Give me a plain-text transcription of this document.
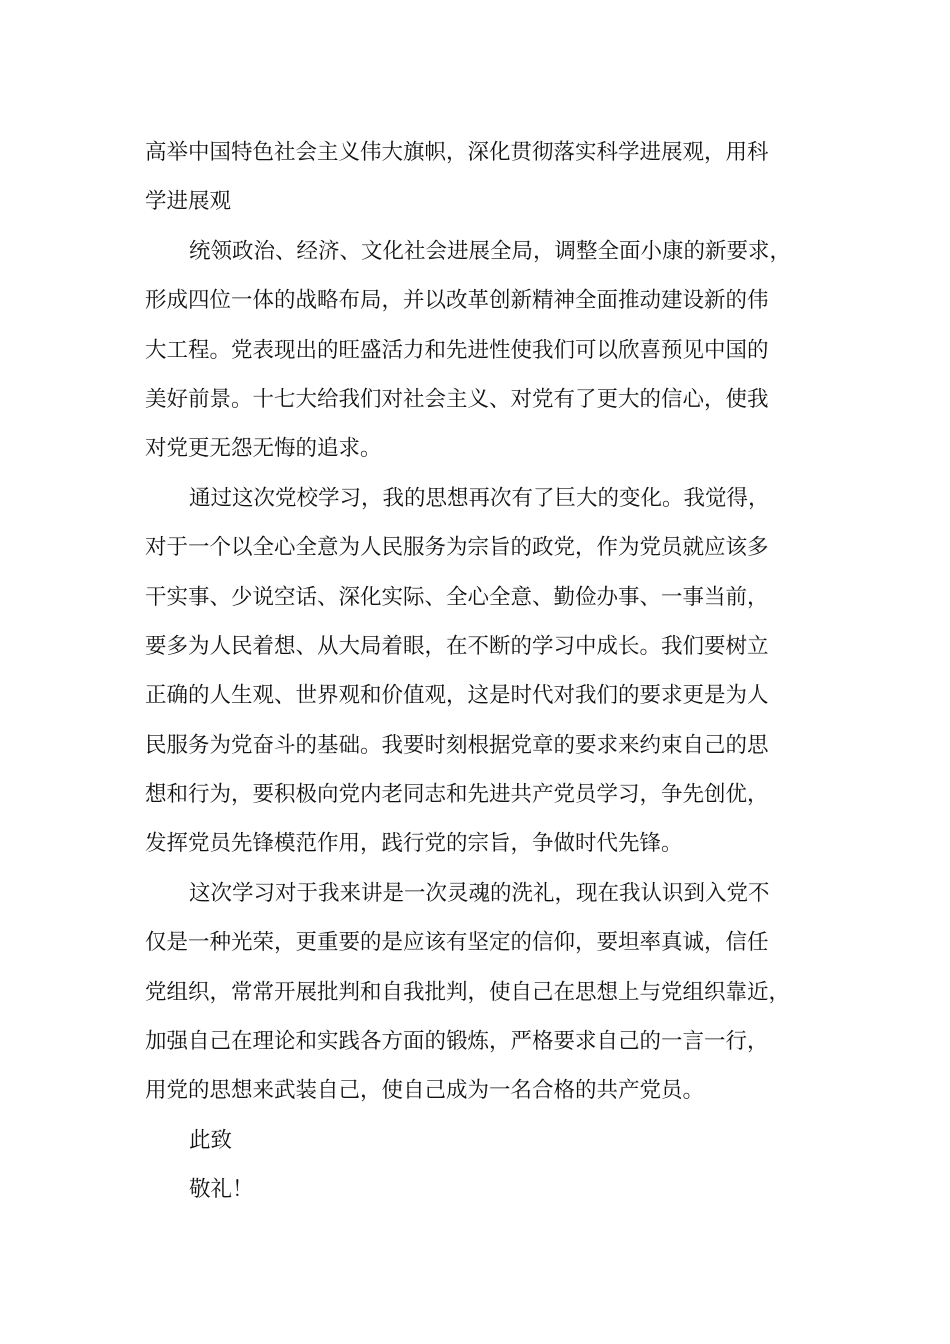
高举中国特色社会主义伟大旗帜，深化贯彻落实科学进展观，用科
学进展观
统领政治、经济、文化社会进展全局，调整全面小康的新要求，
形成四位一体的战略布局，并以改革创新精神全面推动建设新的伟
大工程。党表现出的旺盛活力和先进性使我们可以欣喜预见中国的
美好前景。十七大给我们对社会主义、对党有了更大的信心，使我
对党更无怨无悔的追求。
通过这次党校学习，我的思想再次有了巨大的变化。我觉得，
对于一个以全心全意为人民服务为宗旨的政党，作为党员就应该多
干实事、少说空话、深化实际、全心全意、勤俭办事、一事当前，
要多为人民着想、从大局着眼，在不断的学习中成长。我们要树立
正确的人生观、世界观和价值观，这是时代对我们的要求更是为人
民服务为党奋斗的基础。我要时刻根据党章的要求来约束自己的思
想和行为，要积极向党内老同志和先进共产党员学习，争先创优，
发挥党员先锋模范作用，践行党的宗旨，争做时代先锋。
这次学习对于我来讲是一次灵魂的洗礼，现在我认识到入党不
仅是一种光荣，更重要的是应该有坚定的信仰，要坦率真诚，信任
党组织，常常开展批判和自我批判，使自己在思想上与党组织靠近，
加强自己在理论和实践各方面的锻炼，严格要求自己的一言一行，
用党的思想来武装自己，使自己成为一名合格的共产党员。
此致
敬礼！
